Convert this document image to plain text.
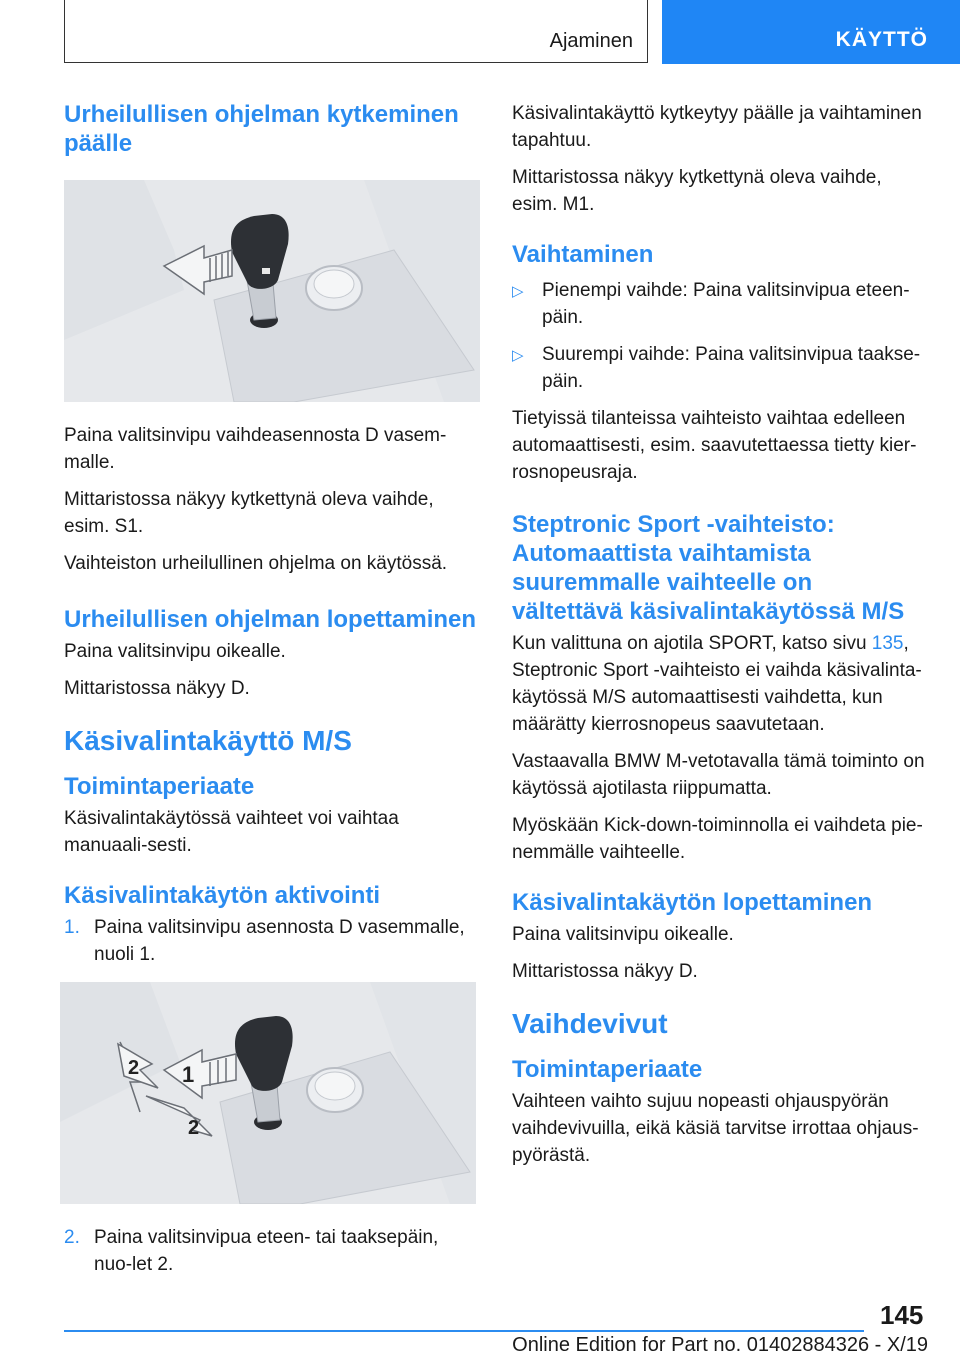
Ajaminen	KÄYTTÖ
Urheilullisen ohjelman kytkeminen päälle

Paina valitsinvipu vaihdeasennosta D vasem-malle.

Mittaristossa näkyy kytkettynä oleva vaihde, esim. S1.

Vaihteiston urheilullinen ohjelma on käytössä.

Urheilullisen ohjelman lopettaminen

Paina valitsinvipu oikealle.

Mittaristossa näkyy D.

Käsivalintakäyttö M/S
Toimintaperiaate

Käsivalintakäytössä vaihteet voi vaihtaa manuaali-sesti.

Käsivalintakäytön aktivointi
1. Paina valitsinvipu asennosta D vasemmalle, nuoli 1.
1
2
2
2. Paina valitsinvipua eteen- tai taaksepäin, nuo-let 2.

Käsivalintakäyttö kytkeytyy päälle ja vaihtaminen tapahtuu.

Mittaristossa näkyy kytkettynä oleva vaihde, esim. M1.

Vaihtaminen
▷ Pienempi vaihde: Paina valitsinvipua eteen-päin.
▷ Suurempi vaihde: Paina valitsinvipua taakse-päin.

Tietyissä tilanteissa vaihteisto vaihtaa edelleen automaattisesti, esim. saavutettaessa tietty kier-rosnopeusraja.

Steptronic Sport -vaihteisto: Automaattista vaihtamista suuremmalle vaihteelle on vältettävä käsivalintakäytössä M/S

Kun valittuna on ajotila SPORT, katso sivu 135, Steptronic Sport -vaihteisto ei vaihda käsivalinta-käytössä M/S automaattisesti vaihdetta, kun määrätty kierrosnopeus saavutetaan.

Vastaavalla BMW M-vetotavalla tämä toiminto on käytössä ajotilasta riippumatta.

Myöskään Kick-down-toiminnolla ei vaihdeta pie-nemmälle vaihteelle.

Käsivalintakäytön lopettaminen

Paina valitsinvipu oikealle.

Mittaristossa näkyy D.

Vaihdevivut
Toimintaperiaate

Vaihteen vaihto sujuu nopeasti ohjauspyörän vaihdevivuilla, eikä käsiä tarvitse irrottaa ohjaus-pyörästä.

145
Online Edition for Part no. 01402884326 - X/19
